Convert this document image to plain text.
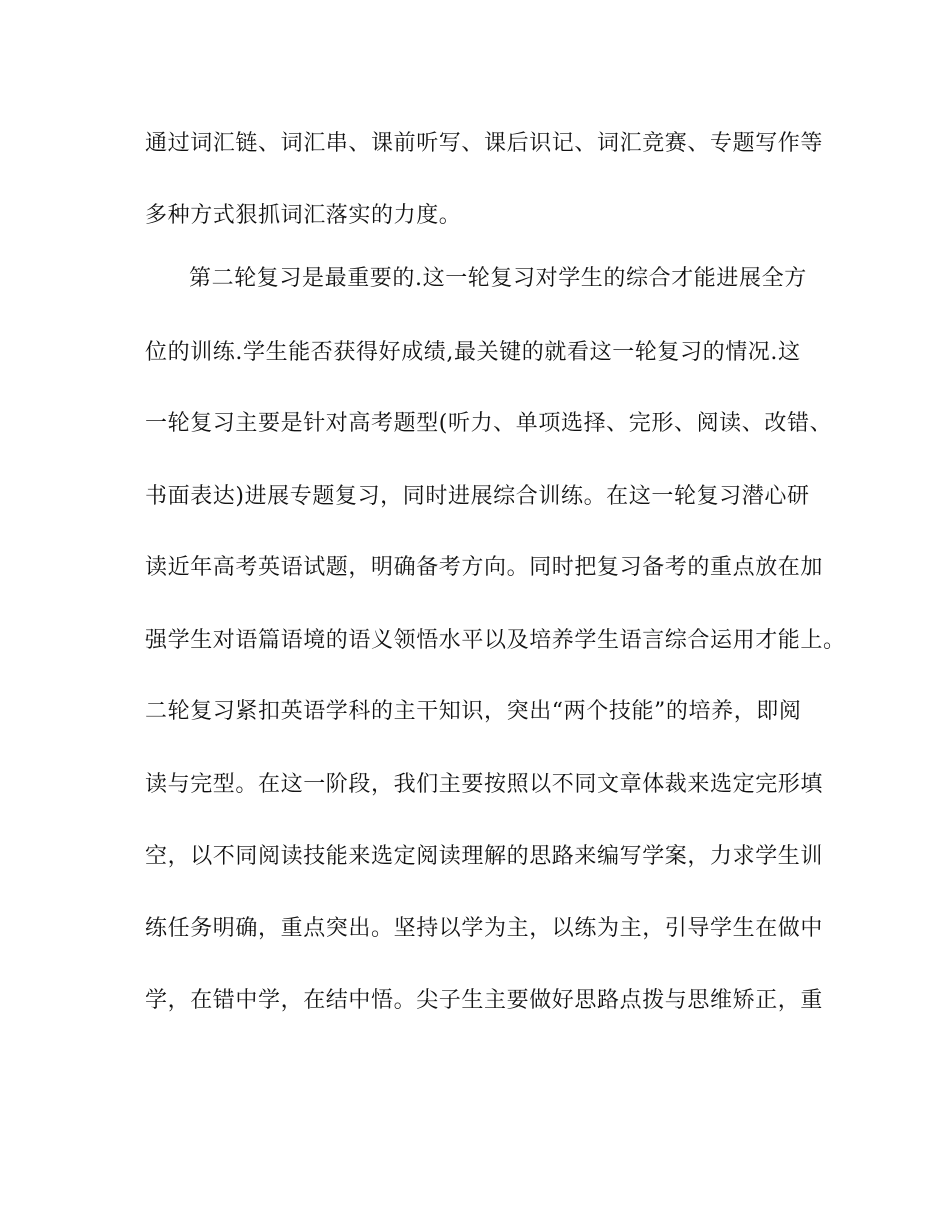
通过词汇链、词汇串、课前听写、课后识记、词汇竞赛、专题写作等
多种方式狠抓词汇落实的力度。
第二轮复习是最重要的.这一轮复习对学生的综合才能进展全方
位的训练.学生能否获得好成绩,最关键的就看这一轮复习的情况.这
一轮复习主要是针对高考题型(听力、单项选择、完形、阅读、改错、
书面表达)进展专题复习，同时进展综合训练。在这一轮复习潜心研
读近年高考英语试题，明确备考方向。同时把复习备考的重点放在加
强学生对语篇语境的语义领悟水平以及培养学生语言综合运用才能上。
二轮复习紧扣英语学科的主干知识，突出“两个技能”的培养，即阅
读与完型。在这一阶段，我们主要按照以不同文章体裁来选定完形填
空，以不同阅读技能来选定阅读理解的思路来编写学案，力求学生训
练任务明确，重点突出。坚持以学为主，以练为主，引导学生在做中
学，在错中学，在结中悟。尖子生主要做好思路点拨与思维矫正，重
